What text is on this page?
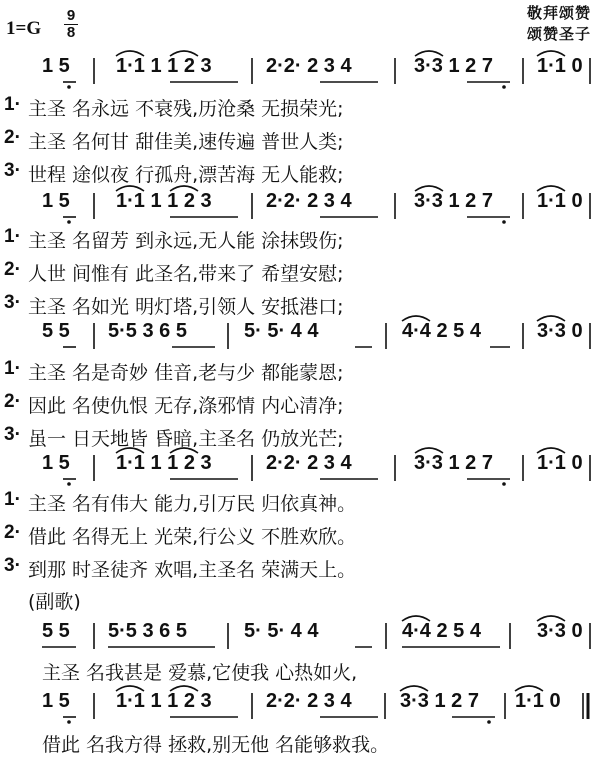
1=G
9
8
敬拜颂赞
颂赞圣子
1 5 1·1 1 1 2 3	2·2· 2 3 4	3·3 1 2 7 1·1 0
1· 主圣 名永远 不衰残,历沧桑 无损荣光;
2· 主圣 名何甘 甜佳美,速传遍 普世人类;
3· 世程 途似夜 行孤舟,漂苦海 无人能救;
1 5 1·1 1 1 2 3	2·2· 2 3 4	3·3 1 2 7 1·1 0
1· 主圣 名留芳 到永远,无人能 涂抹毁伤;
2· 人世 间惟有 此圣名,带来了 希望安慰;
3· 主圣 名如光 明灯塔,引领人 安抵港口;
5 5 5·5 3 6 5	5· 5· 4 4	4·4 2 5 4	3·3 0
1· 主圣 名是奇妙 佳音,老与少 都能蒙恩;
2· 因此 名使仇恨 无存,涤邪情 内心清净;
3· 虽一 日天地皆 昏暗,主圣名 仍放光芒;
1 5 1·1 1 1 2 3	2·2· 2 3 4	3·3 1 2 7 1·1 0
1· 主圣 名有伟大 能力,引万民 归依真神。
2· 借此 名得无上 光荣,行公义 不胜欢欣。
3· 到那 时圣徒齐 欢唱,主圣名 荣满天上。
(副歌)
5 5 5·5 3 6 5	5· 5· 4 4	4·4 2 5 4	3·3 0
主圣 名我甚是 爱慕,它使我 心热如火,
1 5 1·1 1 1 2 3	2·2· 2 3 4 3·3 1 2 7 1·1 0
借此 名我方得 拯救,别无他 名能够救我。
